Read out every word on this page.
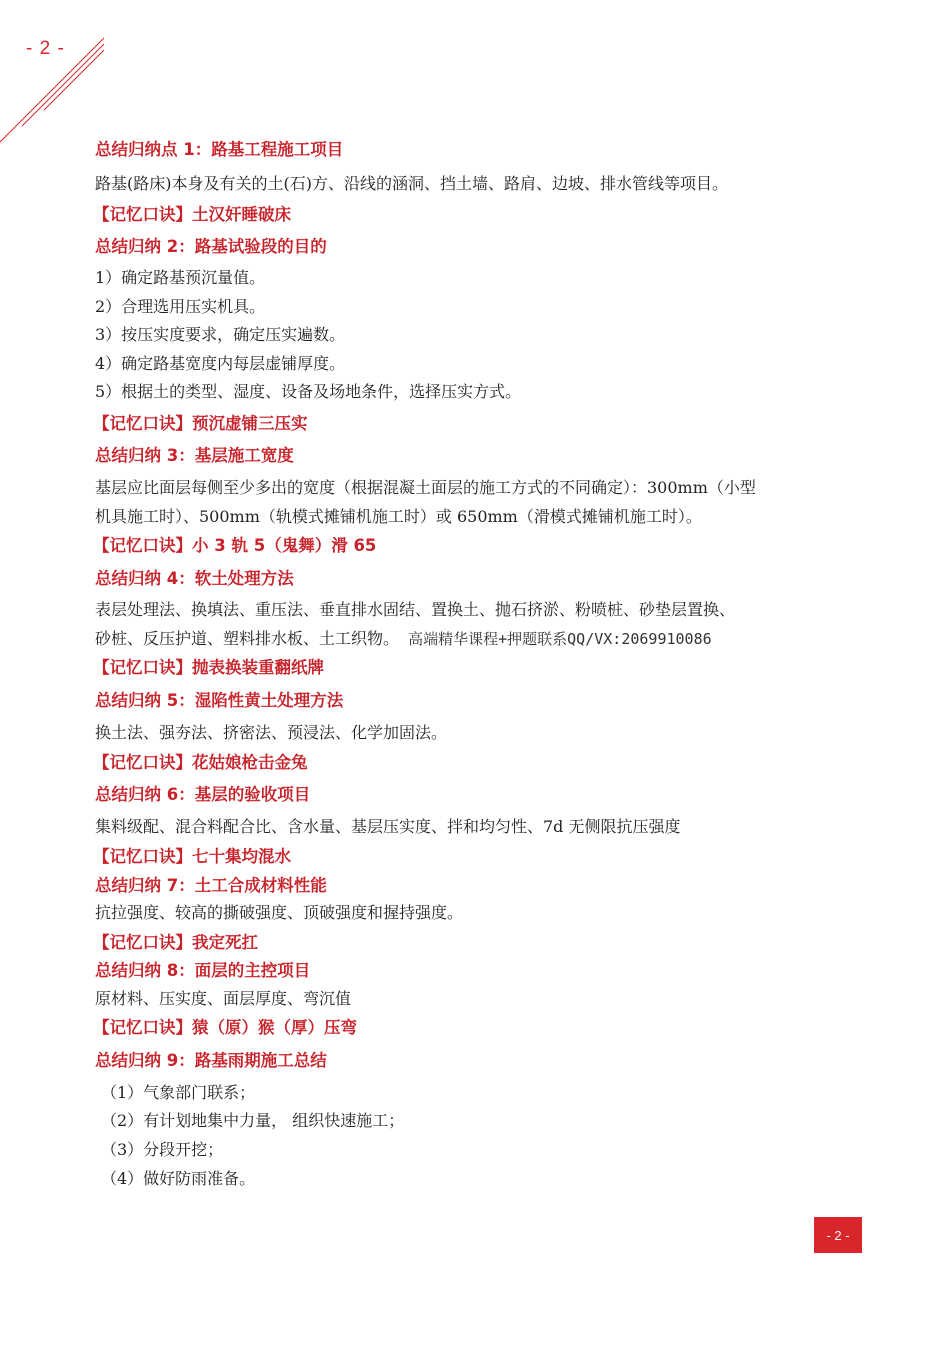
- 2 -
总结归纳点 1：路基工程施工项目
路基(路床)本身及有关的土(石)方、沿线的涵洞、挡土墙、路肩、边坡、排水管线等项目。
【记忆口诀】土汉奸睡破床
总结归纳 2：路基试验段的目的
1）确定路基预沉量值。
2）合理选用压实机具。
3）按压实度要求，确定压实遍数。
4）确定路基宽度内每层虚铺厚度。
5）根据土的类型、湿度、设备及场地条件，选择压实方式。
【记忆口诀】预沉虚铺三压实
总结归纳 3：基层施工宽度
基层应比面层每侧至少多出的宽度（根据混凝土面层的施工方式的不同确定）：300mm（小型
机具施工时）、500mm（轨模式摊铺机施工时）或 650mm（滑模式摊铺机施工时）。
【记忆口诀】小 3 轨 5（鬼舞）滑 65
总结归纳 4：软土处理方法
表层处理法、换填法、重压法、垂直排水固结、置换土、抛石挤淤、粉喷桩、砂垫层置换、
砂桩、反压护道、塑料排水板、土工织物。 高端精华课程+押题联系QQ/VX:2069910086
【记忆口诀】抛表换装重翻纸牌
总结归纳 5：湿陷性黄土处理方法
换土法、强夯法、挤密法、预浸法、化学加固法。
【记忆口诀】花姑娘枪击金兔
总结归纳 6：基层的验收项目
集料级配、混合料配合比、含水量、基层压实度、拌和均匀性、7d 无侧限抗压强度
【记忆口诀】七十集均混水
总结归纳 7：土工合成材料性能
抗拉强度、较高的撕破强度、顶破强度和握持强度。
【记忆口诀】我定死扛
总结归纳 8：面层的主控项目
原材料、压实度、面层厚度、弯沉值
【记忆口诀】猿（原）猴（厚）压弯
总结归纳 9：路基雨期施工总结
（1）气象部门联系；
（2）有计划地集中力量， 组织快速施工；
（3）分段开挖；
（4）做好防雨准备。
- 2 -
